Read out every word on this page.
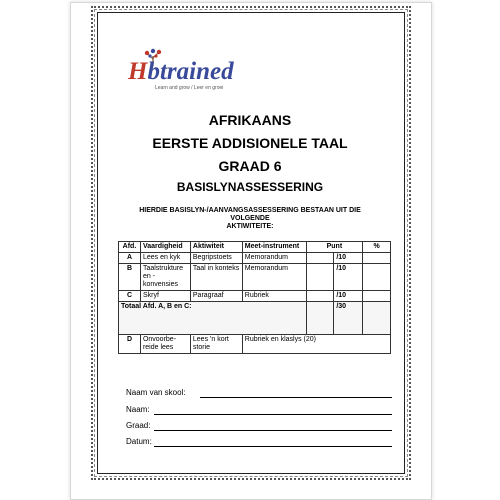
Hbtrained
Learn and grow / Leer en groei
AFRIKAANS
EERSTE ADDISIONELE TAAL
GRAAD 6
BASISLYNASSESSERING
HIERDIE BASISLYN-/AANVANGSASSESSERING BESTAAN UIT DIE
VOLGENDE
AKTIWITEITE:
Afd.	Vaardigheid	Aktiwiteit	Meet-instrument	Punt		%
A	Lees en kyk	Begripstoets	Memorandum		/10	
B	Taalstrukture en - konvensies	Taal in konteks	Memorandum		/10	
C	Skryf	Paragraaf	Rubriek		/10	
Totaal Afd. A, B en C:					/30	
D	Onvoorbe-reide lees	Lees 'n kort storie	Rubriek en klaslys (20)			
Naam van skool:
Naam:
Graad:
Datum:
